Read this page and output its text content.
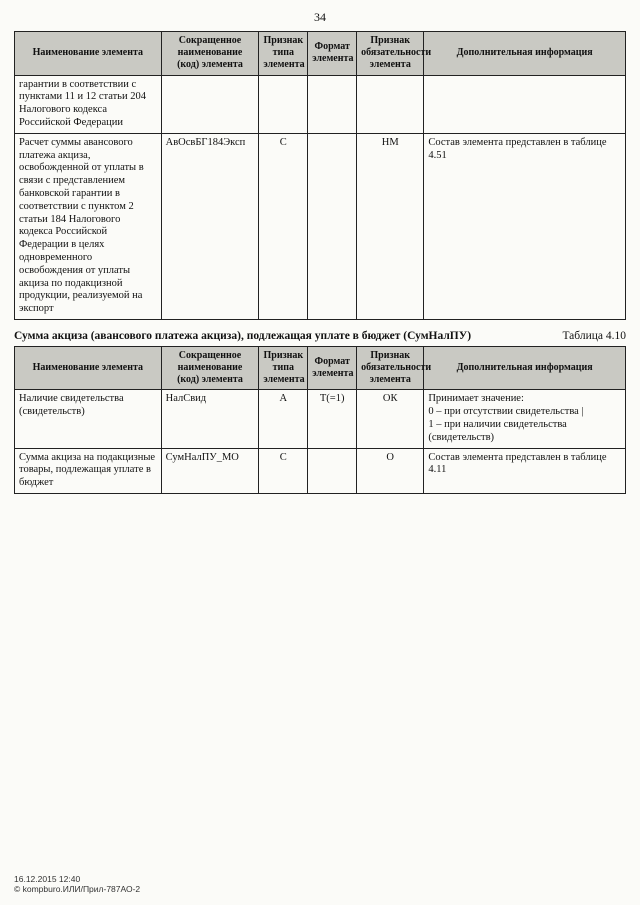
34
Наименование элемента	Сокращенное наименование (код) элемента	Признак типа элемента	Формат элемента	Признак обязательности элемента	Дополнительная информация
гарантии в соответствии с пунктами 11 и 12 статьи 204 Налогового кодекса Российской Федерации					
Расчет суммы авансового платежа акциза, освобожденной от уплаты в связи с представлением банковской гарантии в соответствии с пунктом 2 статьи 184 Налогового кодекса Российской Федерации в целях одновременного освобождения от уплаты акциза по подакцизной продукции, реализуемой на экспорт	АвОсвБГ184Эксп	С		НМ	Состав элемента представлен в таблице 4.51
Сумма акциза (авансового платежа акциза), подлежащая уплате в бюджет (СумНалПУ)	Таблица 4.10
Наименование элемента	Сокращенное наименование (код) элемента	Признак типа элемента	Формат элемента	Признак обязательности элемента	Дополнительная информация
Наличие свидетельства (свидетельств)	НалСвид	А	T(=1)	ОК	Принимает значение:
0 – при отсутствии свидетельства |
1 – при наличии свидетельства (свидетельств)

Сумма акциза на подакцизные товары, подлежащая уплате в бюджет	СумНалПУ_МО	С		О	Состав элемента представлен в таблице 4.11
16.12.2015 12:40
© kompburo.ИЛИ/Прил-787АО-2
